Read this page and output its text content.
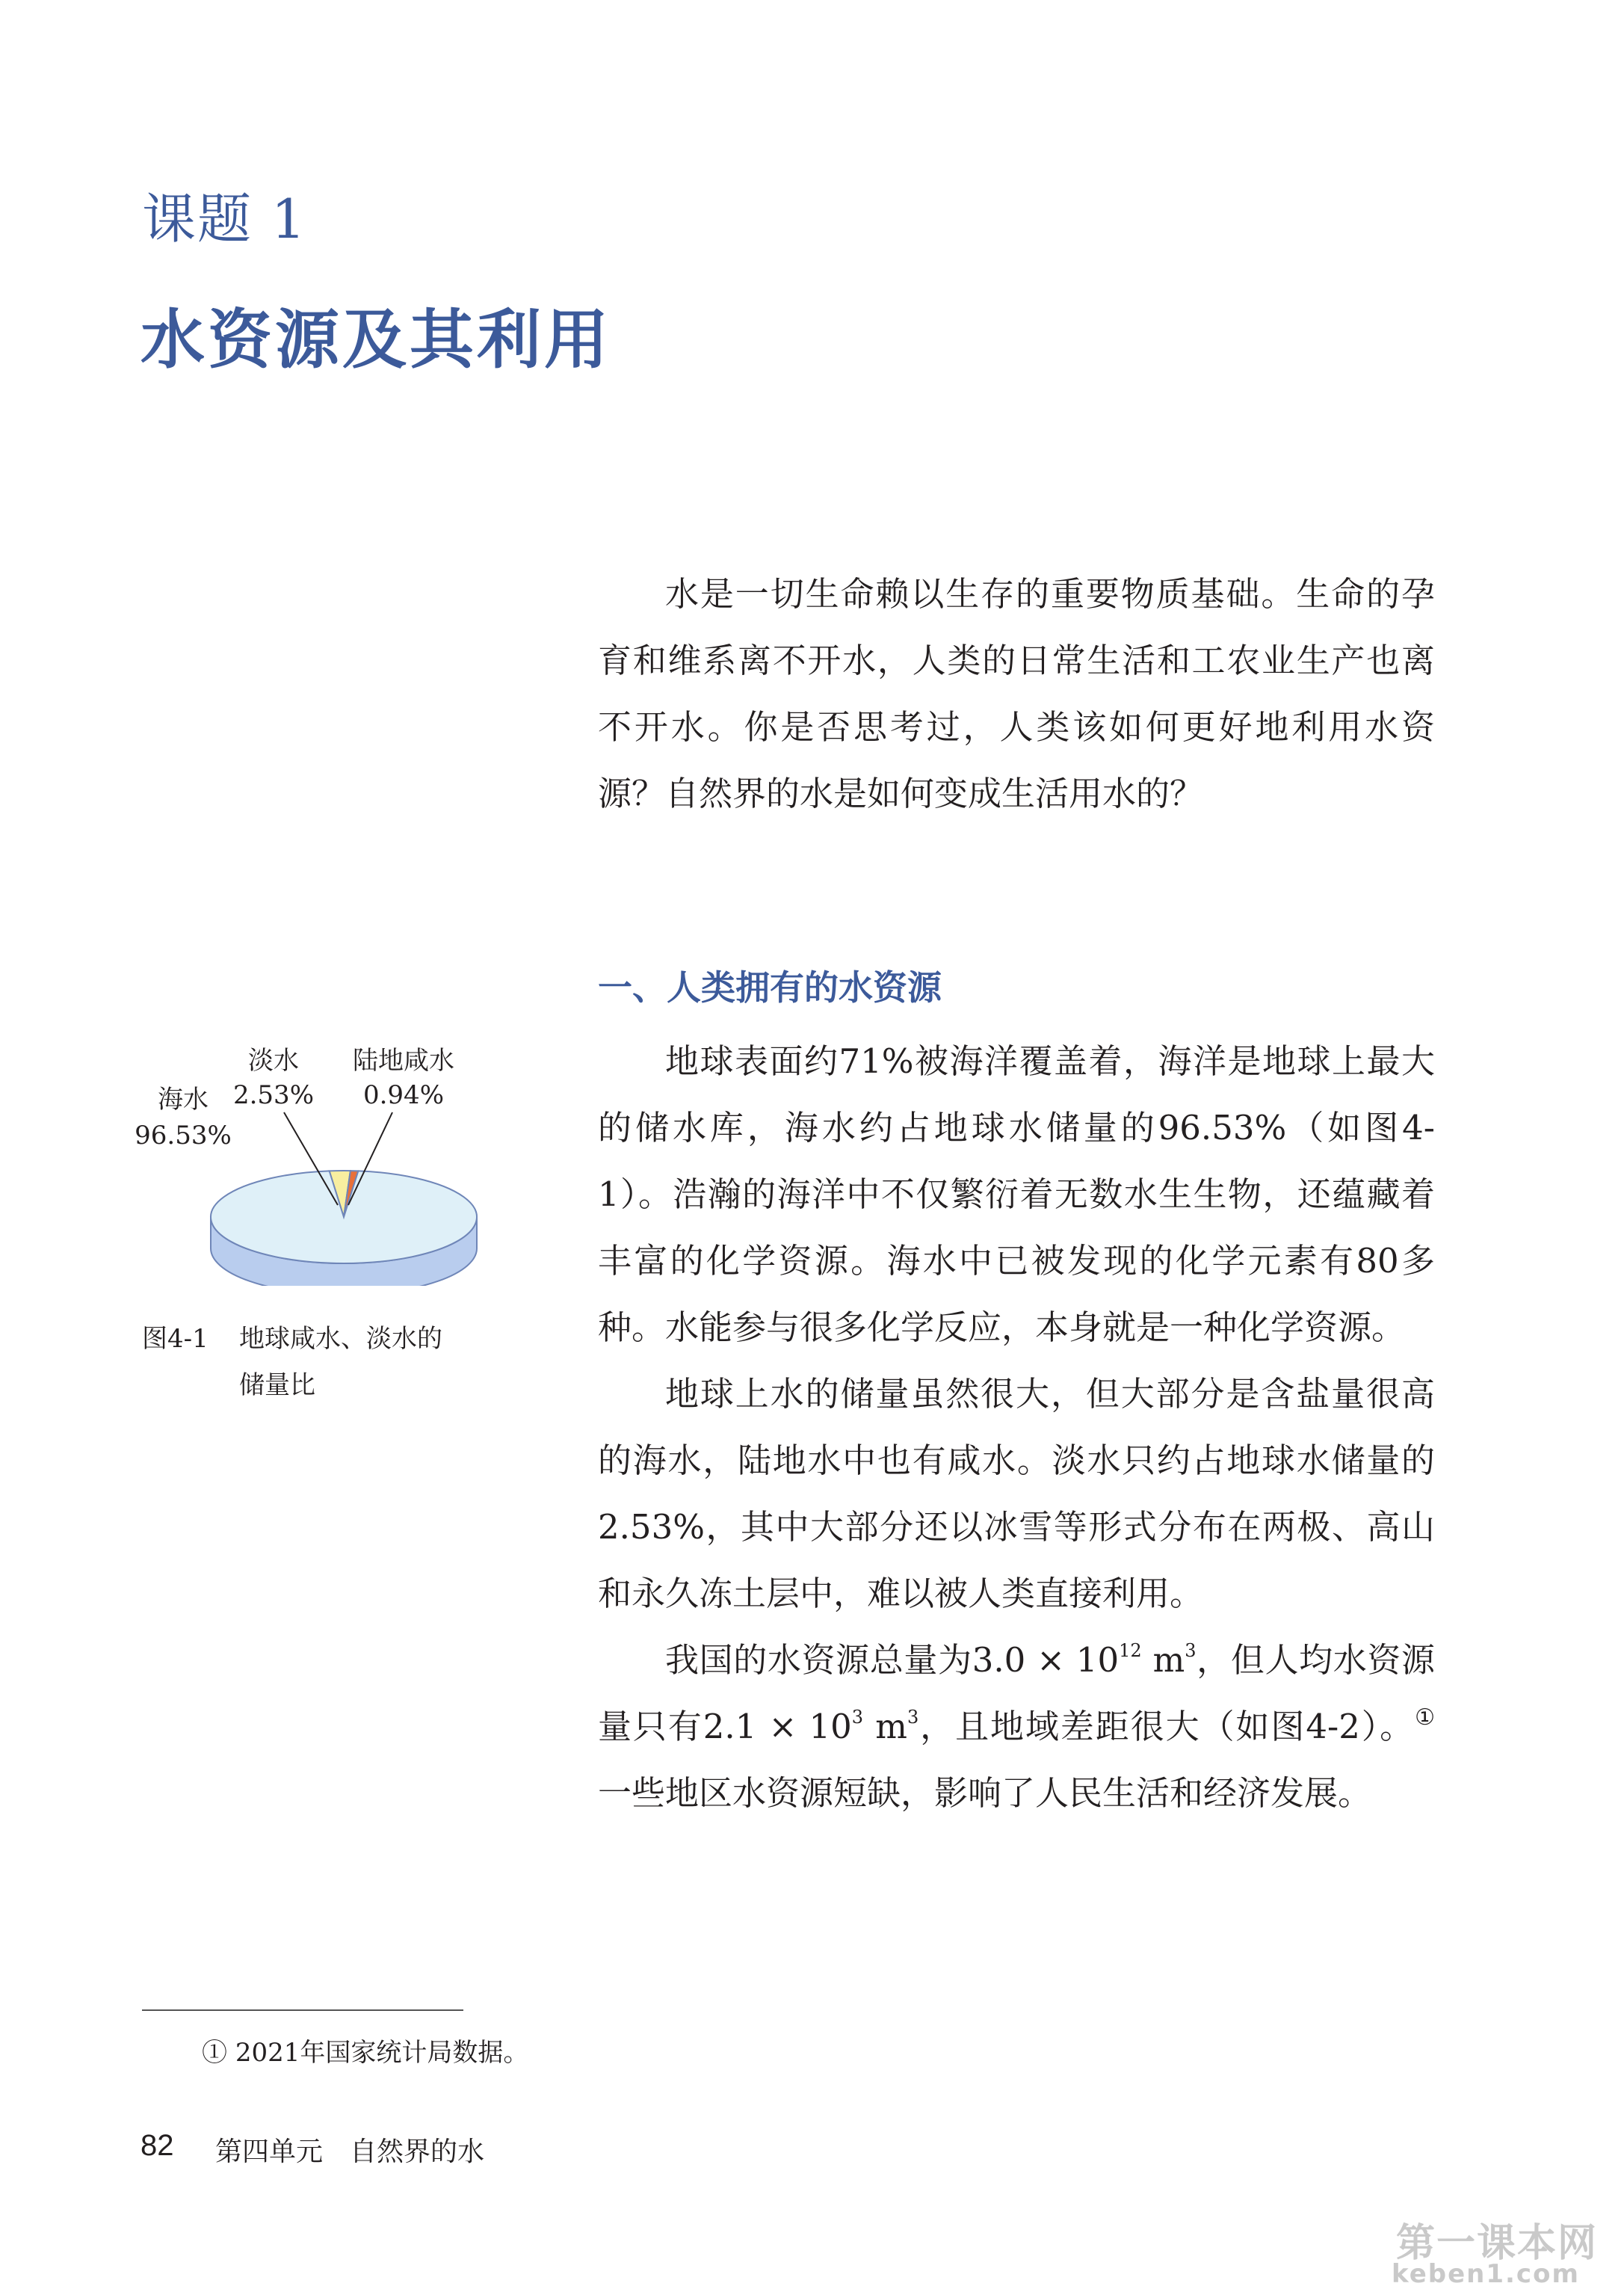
课题 1
水资源及其利用

水是一切生命赖以生存的重要物质基础。生命的孕育和维系离不开水，人类的日常生活和工农业生产也离不开水。你是否思考过，人类该如何更好地利用水资源？自然界的水是如何变成生活用水的？

一、人类拥有的水资源

地球表面约71%被海洋覆盖着，海洋是地球上最大的储水库，海水约占地球水储量的96.53%（如图4-1）。浩瀚的海洋中不仅繁衍着无数水生生物，还蕴藏着丰富的化学资源。海水中已被发现的化学元素有80多种。水能参与很多化学反应，本身就是一种化学资源。

地球上水的储量虽然很大，但大部分是含盐量很高的海水，陆地水中也有咸水。淡水只约占地球水储量的2.53%，其中大部分还以冰雪等形式分布在两极、高山和永久冻土层中，难以被人类直接利用。

我国的水资源总量为$3.0 \times 10^{12}$ $m^3$，但人均水资源量只有$2.1 \times 10^3$ $m^3$，且地域差距很大（如图4-2）。①一些地区水资源短缺，影响了人民生活和经济发展。

海水
96.53%
淡水
2.53%
陆地咸水
0.94%
图4-1 地球咸水、淡水的
储量比
① 2021年国家统计局数据。
82 第四单元　自然界的水
第一课本网
keben1.com
